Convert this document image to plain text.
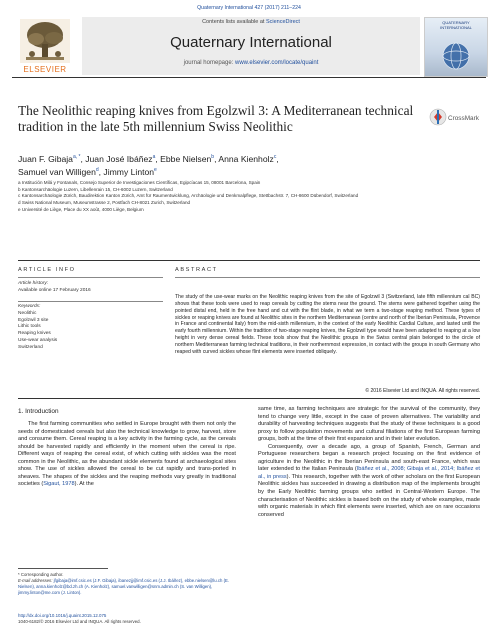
Quaternary International 427 (2017) 211–224
ELSEVIER
Contents lists available at ScienceDirect
Quaternary International
journal homepage: www.elsevier.com/locate/quaint
QUATERNARY INTERNATIONAL
The Neolithic reaping knives from Egolzwil 3: A Mediterranean technical tradition in the late 5th millennium Swiss Neolithic
CrossMark
Juan F. Gibaja$^{a, *}$, Juan José Ibáñez$^a$, Ebbe Nielsen$^b$, Anna Kienholz$^c$,
Samuel van Willigen$^d$, Jimmy Linton$^e$
a Institución Milá y Fontanals, Consejo Superior de Investigaciones Científicas, Egipcíacas 15, 08001 Barcelona, Spain
b Kantonsarchäologie Luzern, Libellenrain 15, CH-6002 Luzern, Switzerland
c Kantonsarchäologie Zürich, Baudirektion Kanton Zürich, Amt für Raumentwicklung, Archäologie und Denkmalpflege, Stettbachstr. 7, CH-8600 Dübendorf, Switzerland
d Swiss National Museum, Museumstrasse 2, Postfach CH-8021 Zurich, Switzerland
e Université de Liège, Place du XX août, 4000 Liège, Belgium
ARTICLE INFO	ABSTRACT
Article history:
Available online 17 February 2016
Keywords:
Neolithic
Egolzwil 3 site
Lithic tools
Reaping knives
Use-wear analysis
Switzerland
The study of the use-wear marks on the Neolithic reaping knives from the site of Egolzwil 3 (Switzerland, late fifth millennium cal BC) shows that these tools were used to reap cereals by cutting the stems near the ground. The stems were gathered together using the pointed distal end, held in the free hand and cut with the flint blade, in what we term a two-stage reaping method. These types of sickles or reaping knives are found at Neolithic sites in the northern Mediterranean (centre and north of the Iberian Peninsula, Provence in France and continental Italy) from the mid-sixth millennium, in the context of the early Neolithic Cardial Culture, and lasted until the early fourth millennium. Within the tradition of two-stage reaping knives, the Egolzwil type would have been adapted to reaping at a low height in very dense cereal fields. These tools show that the Neolithic groups in the Swiss central plain belonged to the circle of northern Mediterranean farming technical traditions, in their northernmost expression, in contact with the groups in south Germany who reaped with curved sickles whose flint elements were inserted obliquely.
© 2016 Elsevier Ltd and INQUA. All rights reserved.
1. Introduction

The first farming communities who settled in Europe brought with them not only the seeds of domesticated cereals but also the technical knowledge to grow, harvest, store and consume them. Cereal reaping is a key activity in the farming cycle, as the cereals should be harvested rapidly and efficiently in the moment when the cereal is ripe. Different ways of reaping the cereal exist, of which cutting with sickles was the most common in the Neolithic, as the abundant sickle elements found at archaeological sites show. The use of sickles allowed the cereal to be cut rapidly and trans-ported in sheaves. The shapes of the sickles and the reaping methods vary greatly in traditional societies (Sigaut, 1978). At the

same time, as farming techniques are strategic for the survival of the community, they tend to change very little, except in the case of proven alternatives. The variability and durability of harvesting techniques suggests that the study of these techniques is a good proxy to follow population movements and cultural filiations of the first European farming groups, both at the time of their first expansion and in their later evolution.

Consequently, over a decade ago, a group of Spanish, French, German and Portuguese researchers began a research project focusing on the first evidence of agriculture in the Neolithic in the Iberian Peninsula and south-east France, which was later extended to the Italian Peninsula (Ibáñez et al., 2008; Gibaja et al., 2014; Ibáñez et al., in press). This research, together with the work of other scholars on the first European Neolithic sickles has succeeded in drawing a distribution map of the implements brought by the Early Neolithic farming groups who settled in Central-Western Europe. The characterisation of Neolithic sickles is based both on the study of whole examples, made with organic materials in which flint elements were inserted, which are on rare occasions conserved

* Corresponding author.
E-mail addresses: jfgibaja@imf.csic.es (J.F. Gibaja), ibanezjj@imf.csic.es (J.J. Ibáñez), ebbe.nielsen@lu.ch (E. Nielsen), anna.kienholz@bd.zh.ch (A. Kienholz), samuel.vanwilligen@snm.admin.ch (S. van Willigen), jimmy.linton@me.com (J. Linton).
http://dx.doi.org/10.1016/j.quaint.2015.12.075
1040-6182/© 2016 Elsevier Ltd and INQUA. All rights reserved.
